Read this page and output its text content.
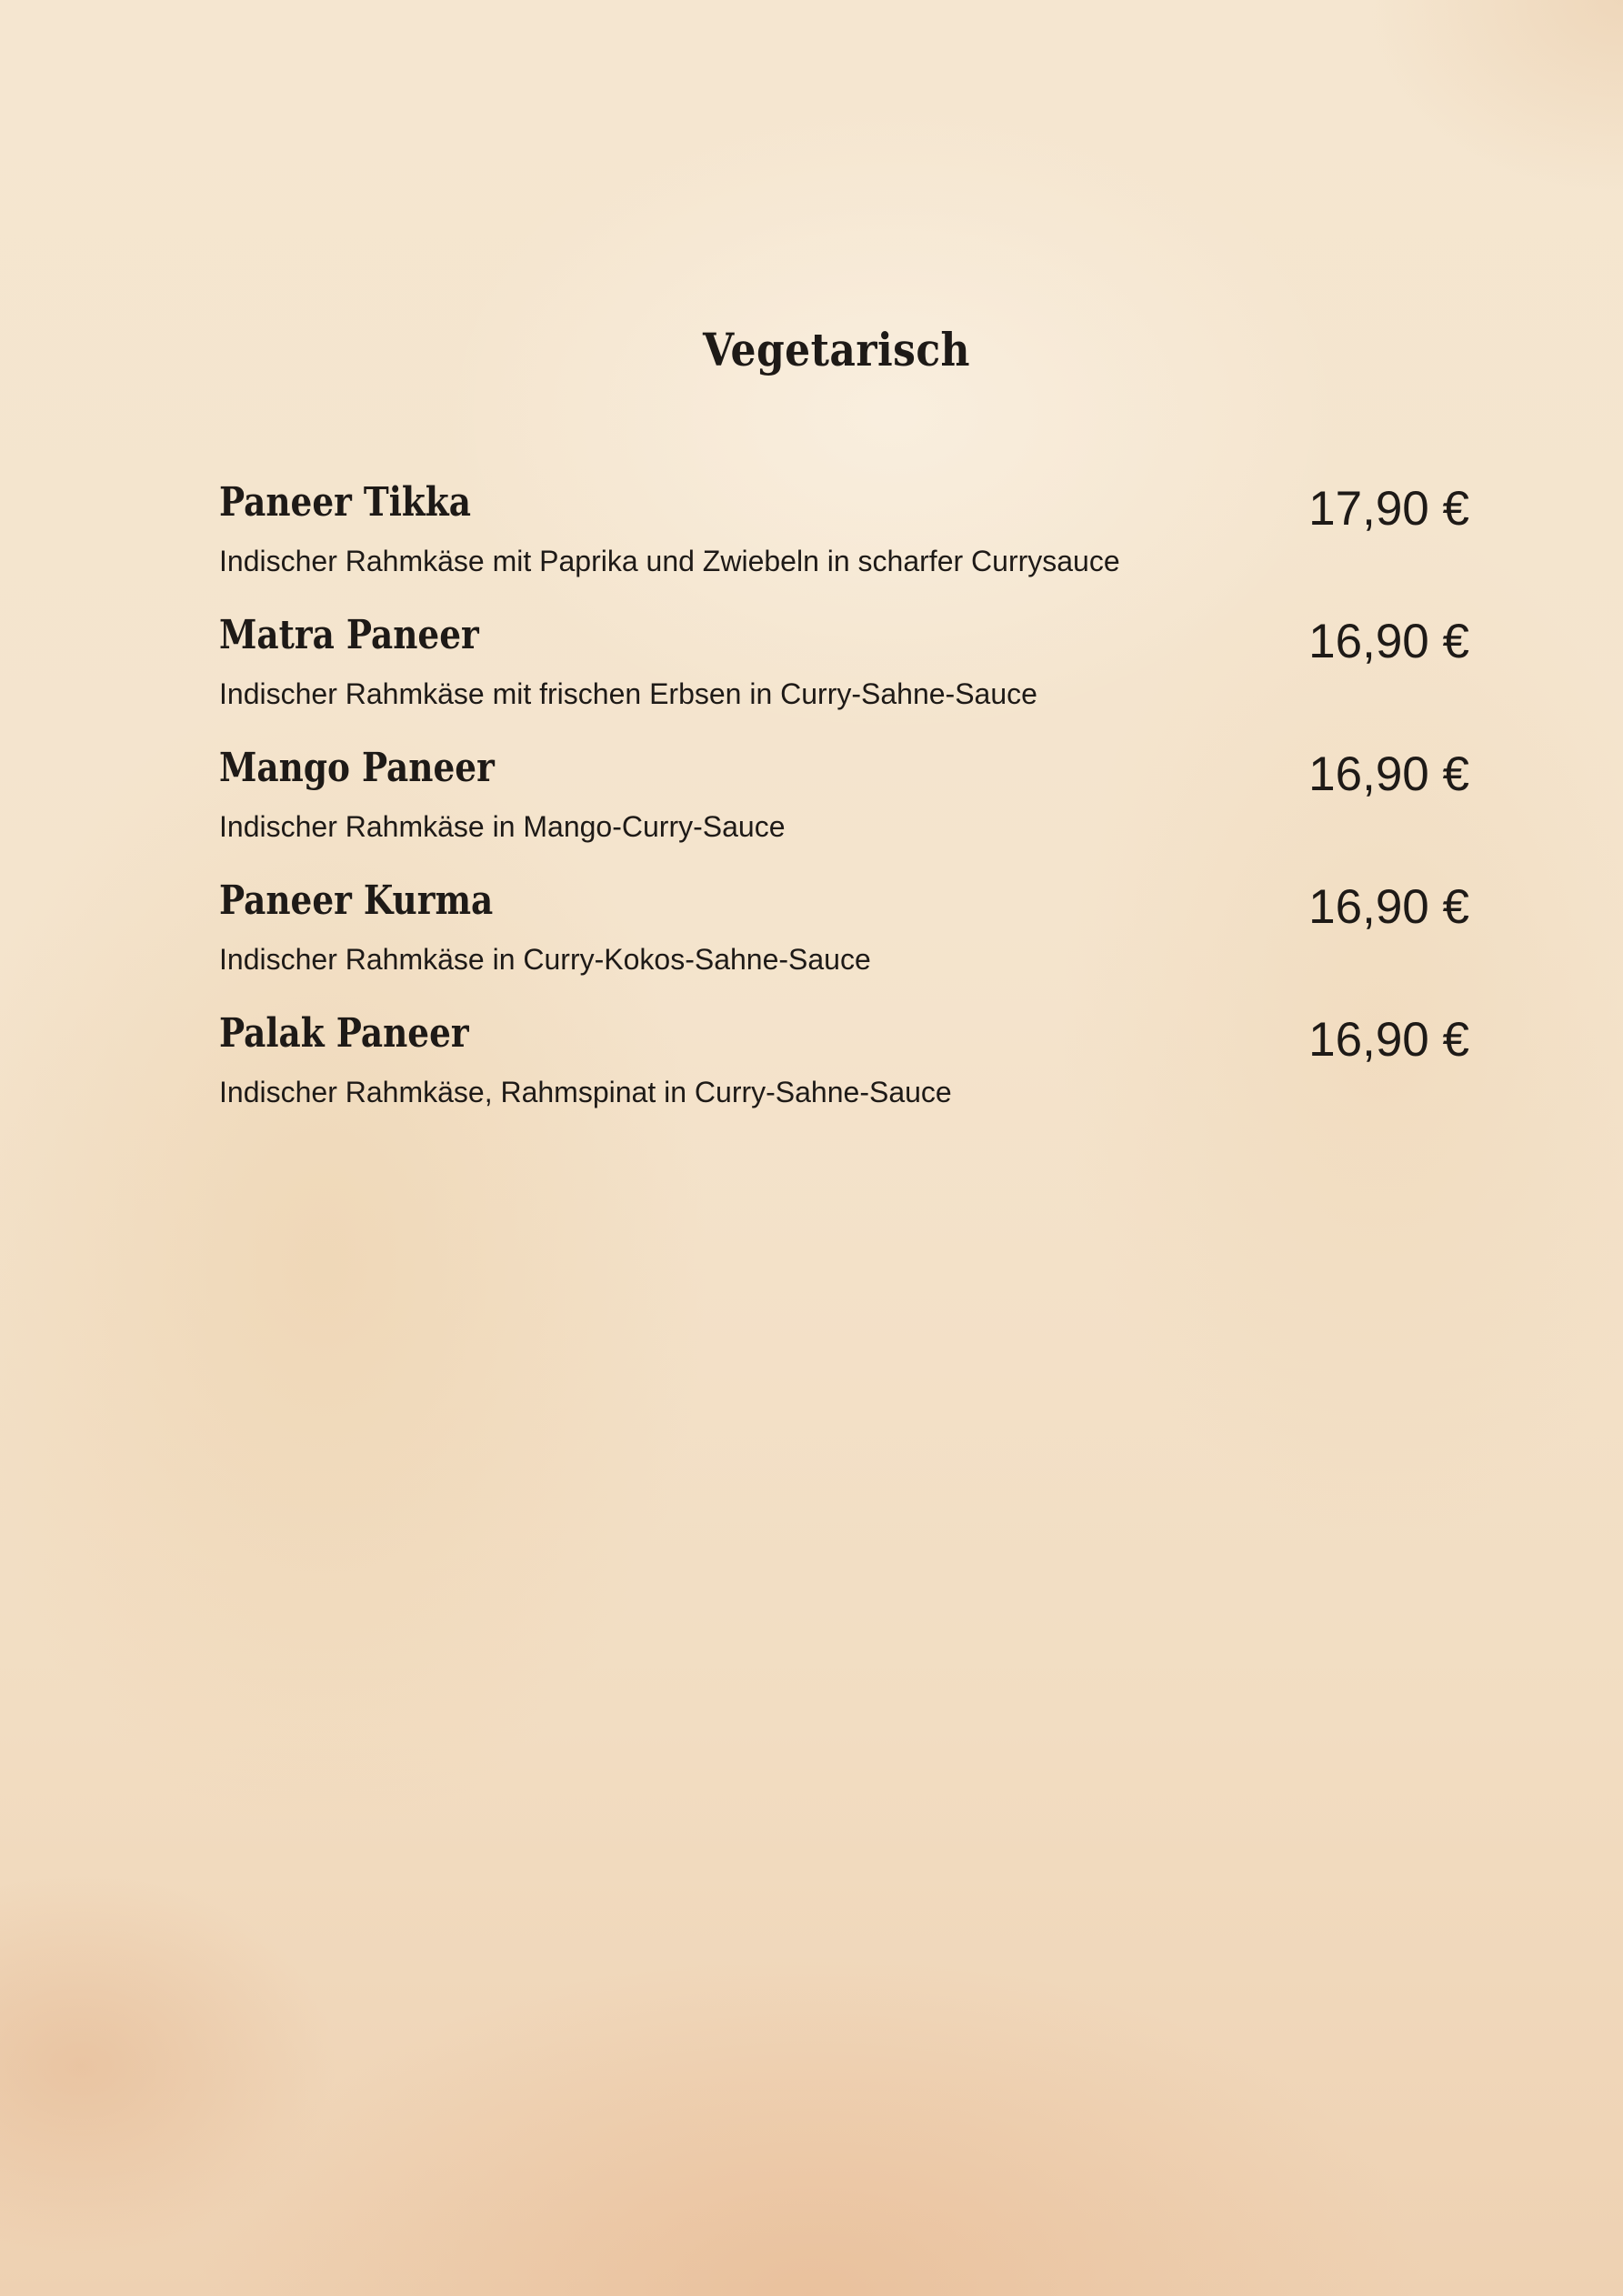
Vegetarisch
Paneer Tikka	17,90 €
Indischer Rahmkäse mit Paprika und Zwiebeln in scharfer Currysauce
Matra Paneer	16,90 €
Indischer Rahmkäse mit frischen Erbsen in Curry-Sahne-Sauce
Mango Paneer	16,90 €
Indischer Rahmkäse in Mango-Curry-Sauce
Paneer Kurma	16,90 €
Indischer Rahmkäse in Curry-Kokos-Sahne-Sauce
Palak Paneer	16,90 €
Indischer Rahmkäse, Rahmspinat in Curry-Sahne-Sauce
